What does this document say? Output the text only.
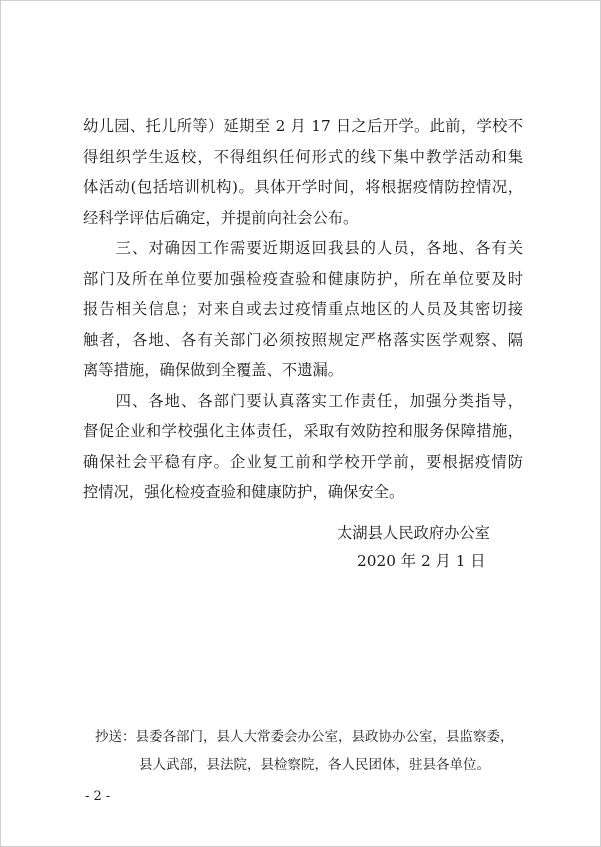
幼儿园、托儿所等）延期至 2 月 17 日之后开学。此前，学校不
得组织学生返校，不得组织任何形式的线下集中教学活动和集
体活动(包括培训机构)。具体开学时间，将根据疫情防控情况，
经科学评估后确定，并提前向社会公布。
　　三、对确因工作需要近期返回我县的人员，各地、各有关
部门及所在单位要加强检疫查验和健康防护，所在单位要及时
报告相关信息；对来自或去过疫情重点地区的人员及其密切接
触者，各地、各有关部门必须按照规定严格落实医学观察、隔
离等措施，确保做到全覆盖、不遗漏。
　　四、各地、各部门要认真落实工作责任，加强分类指导，
督促企业和学校强化主体责任，采取有效防控和服务保障措施，
确保社会平稳有序。企业复工前和学校开学前，要根据疫情防
控情况，强化检疫查验和健康防护，确保安全。
太湖县人民政府办公室
2020 年 2 月 1 日
抄送：县委各部门，县人大常委会办公室，县政协办公室，县监察委，
县人武部，县法院，县检察院，各人民团体，驻县各单位。
- 2 -
